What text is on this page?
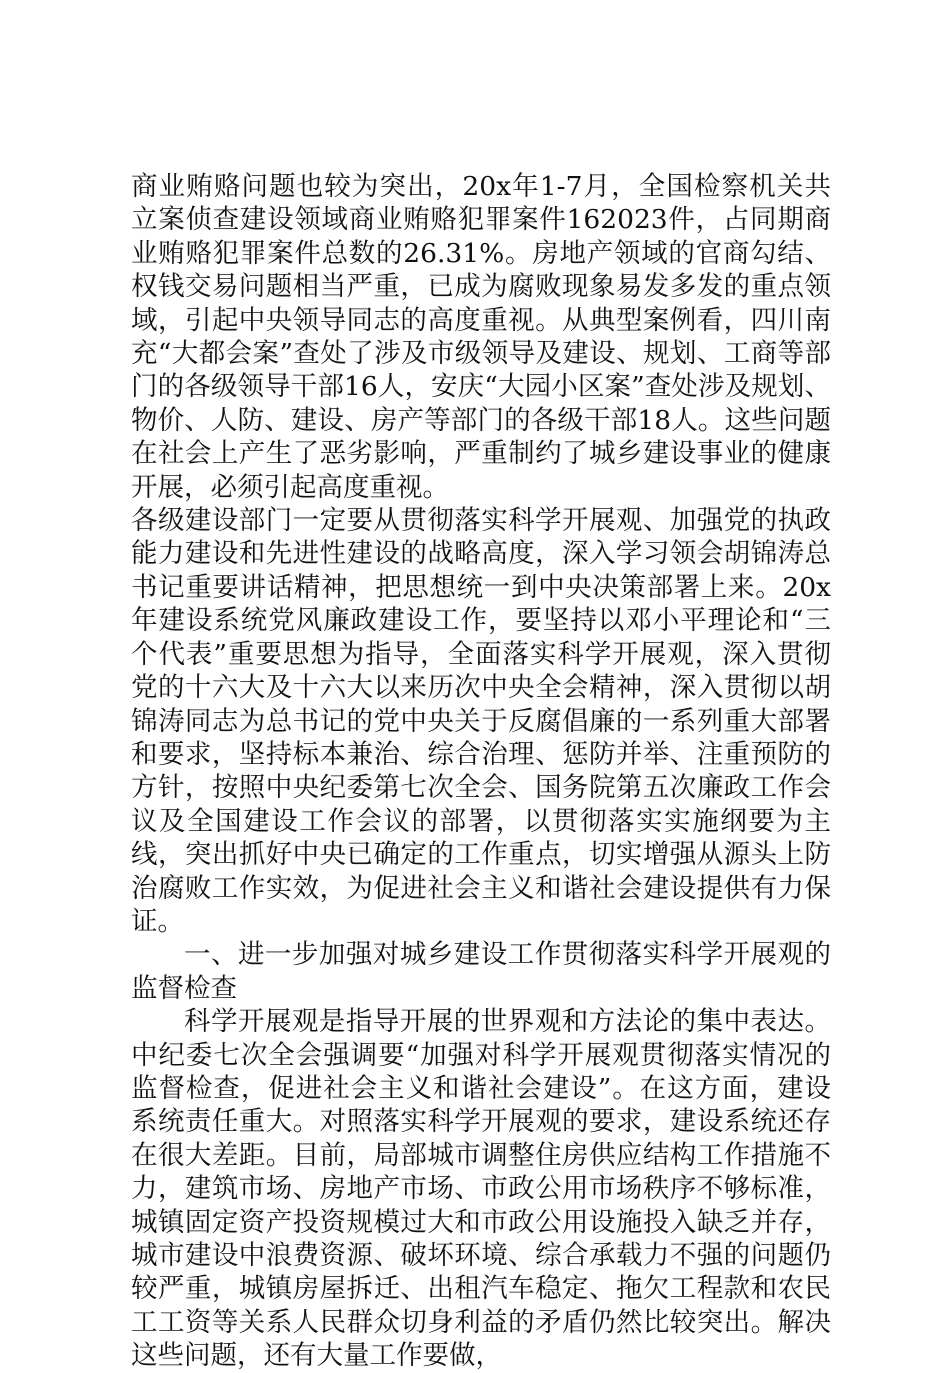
商业贿赂问题也较为突出，20x年1-7月，全国检察机关共立案侦查建设领域商业贿赂犯罪案件162023件，占同期商业贿赂犯罪案件总数的26.31%。房地产领域的官商勾结、权钱交易问题相当严重，已成为腐败现象易发多发的重点领域，引起中央领导同志的高度重视。从典型案例看，四川南充“大都会案”查处了涉及市级领导及建设、规划、工商等部门的各级领导干部16人，安庆“大园小区案”查处涉及规划、物价、人防、建设、房产等部门的各级干部18人。这些问题在社会上产生了恶劣影响，严重制约了城乡建设事业的健康开展，必须引起高度重视。

各级建设部门一定要从贯彻落实科学开展观、加强党的执政能力建设和先进性建设的战略高度，深入学习领会胡锦涛总书记重要讲话精神，把思想统一到中央决策部署上来。20x年建设系统党风廉政建设工作，要坚持以邓小平理论和“三个代表”重要思想为指导，全面落实科学开展观，深入贯彻党的十六大及十六大以来历次中央全会精神，深入贯彻以胡锦涛同志为总书记的党中央关于反腐倡廉的一系列重大部署和要求，坚持标本兼治、综合治理、惩防并举、注重预防的方针，按照中央纪委第七次全会、国务院第五次廉政工作会议及全国建设工作会议的部署，以贯彻落实实施纲要为主线，突出抓好中央已确定的工作重点，切实增强从源头上防治腐败工作实效，为促进社会主义和谐社会建设提供有力保证。

一、进一步加强对城乡建设工作贯彻落实科学开展观的监督检查

科学开展观是指导开展的世界观和方法论的集中表达。中纪委七次全会强调要“加强对科学开展观贯彻落实情况的监督检查，促进社会主义和谐社会建设”。在这方面，建设系统责任重大。对照落实科学开展观的要求，建设系统还存在很大差距。目前，局部城市调整住房供应结构工作措施不力，建筑市场、房地产市场、市政公用市场秩序不够标准，城镇固定资产投资规模过大和市政公用设施投入缺乏并存，城市建设中浪费资源、破坏环境、综合承载力不强的问题仍较严重，城镇房屋拆迁、出租汽车稳定、拖欠工程款和农民工工资等关系人民群众切身利益的矛盾仍然比较突出。解决这些问题，还有大量工作要做，
